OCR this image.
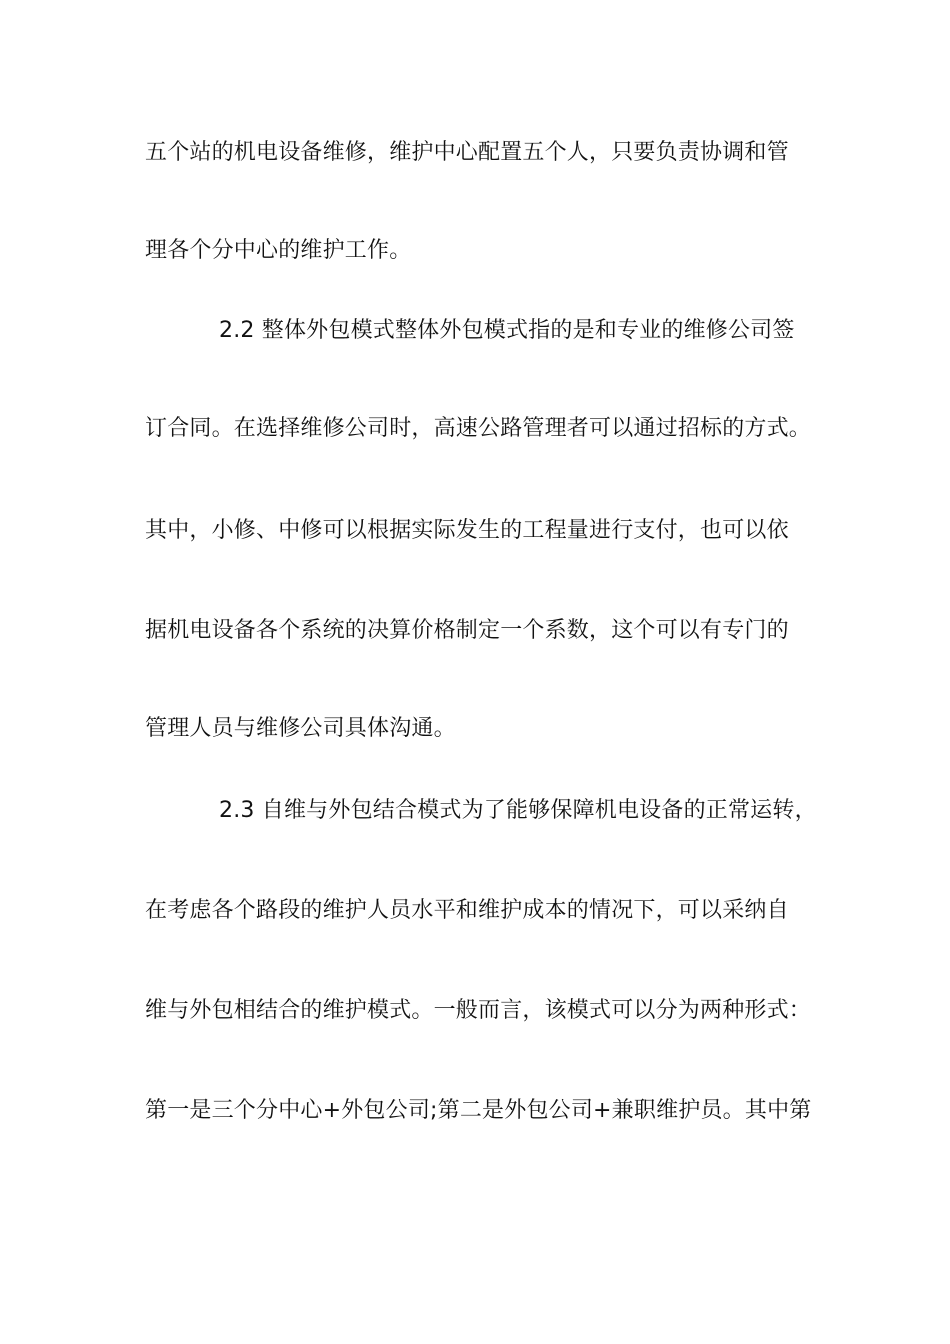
五个站的机电设备维修，维护中心配置五个人，只要负责协调和管
理各个分中心的维护工作。
2.2 整体外包模式整体外包模式指的是和专业的维修公司签
订合同。在选择维修公司时，高速公路管理者可以通过招标的方式。
其中，小修、中修可以根据实际发生的工程量进行支付，也可以依
据机电设备各个系统的决算价格制定一个系数，这个可以有专门的
管理人员与维修公司具体沟通。
2.3 自维与外包结合模式为了能够保障机电设备的正常运转，
在考虑各个路段的维护人员水平和维护成本的情况下，可以采纳自
维与外包相结合的维护模式。一般而言，该模式可以分为两种形式：
第一是三个分中心+外包公司;第二是外包公司+兼职维护员。其中第
